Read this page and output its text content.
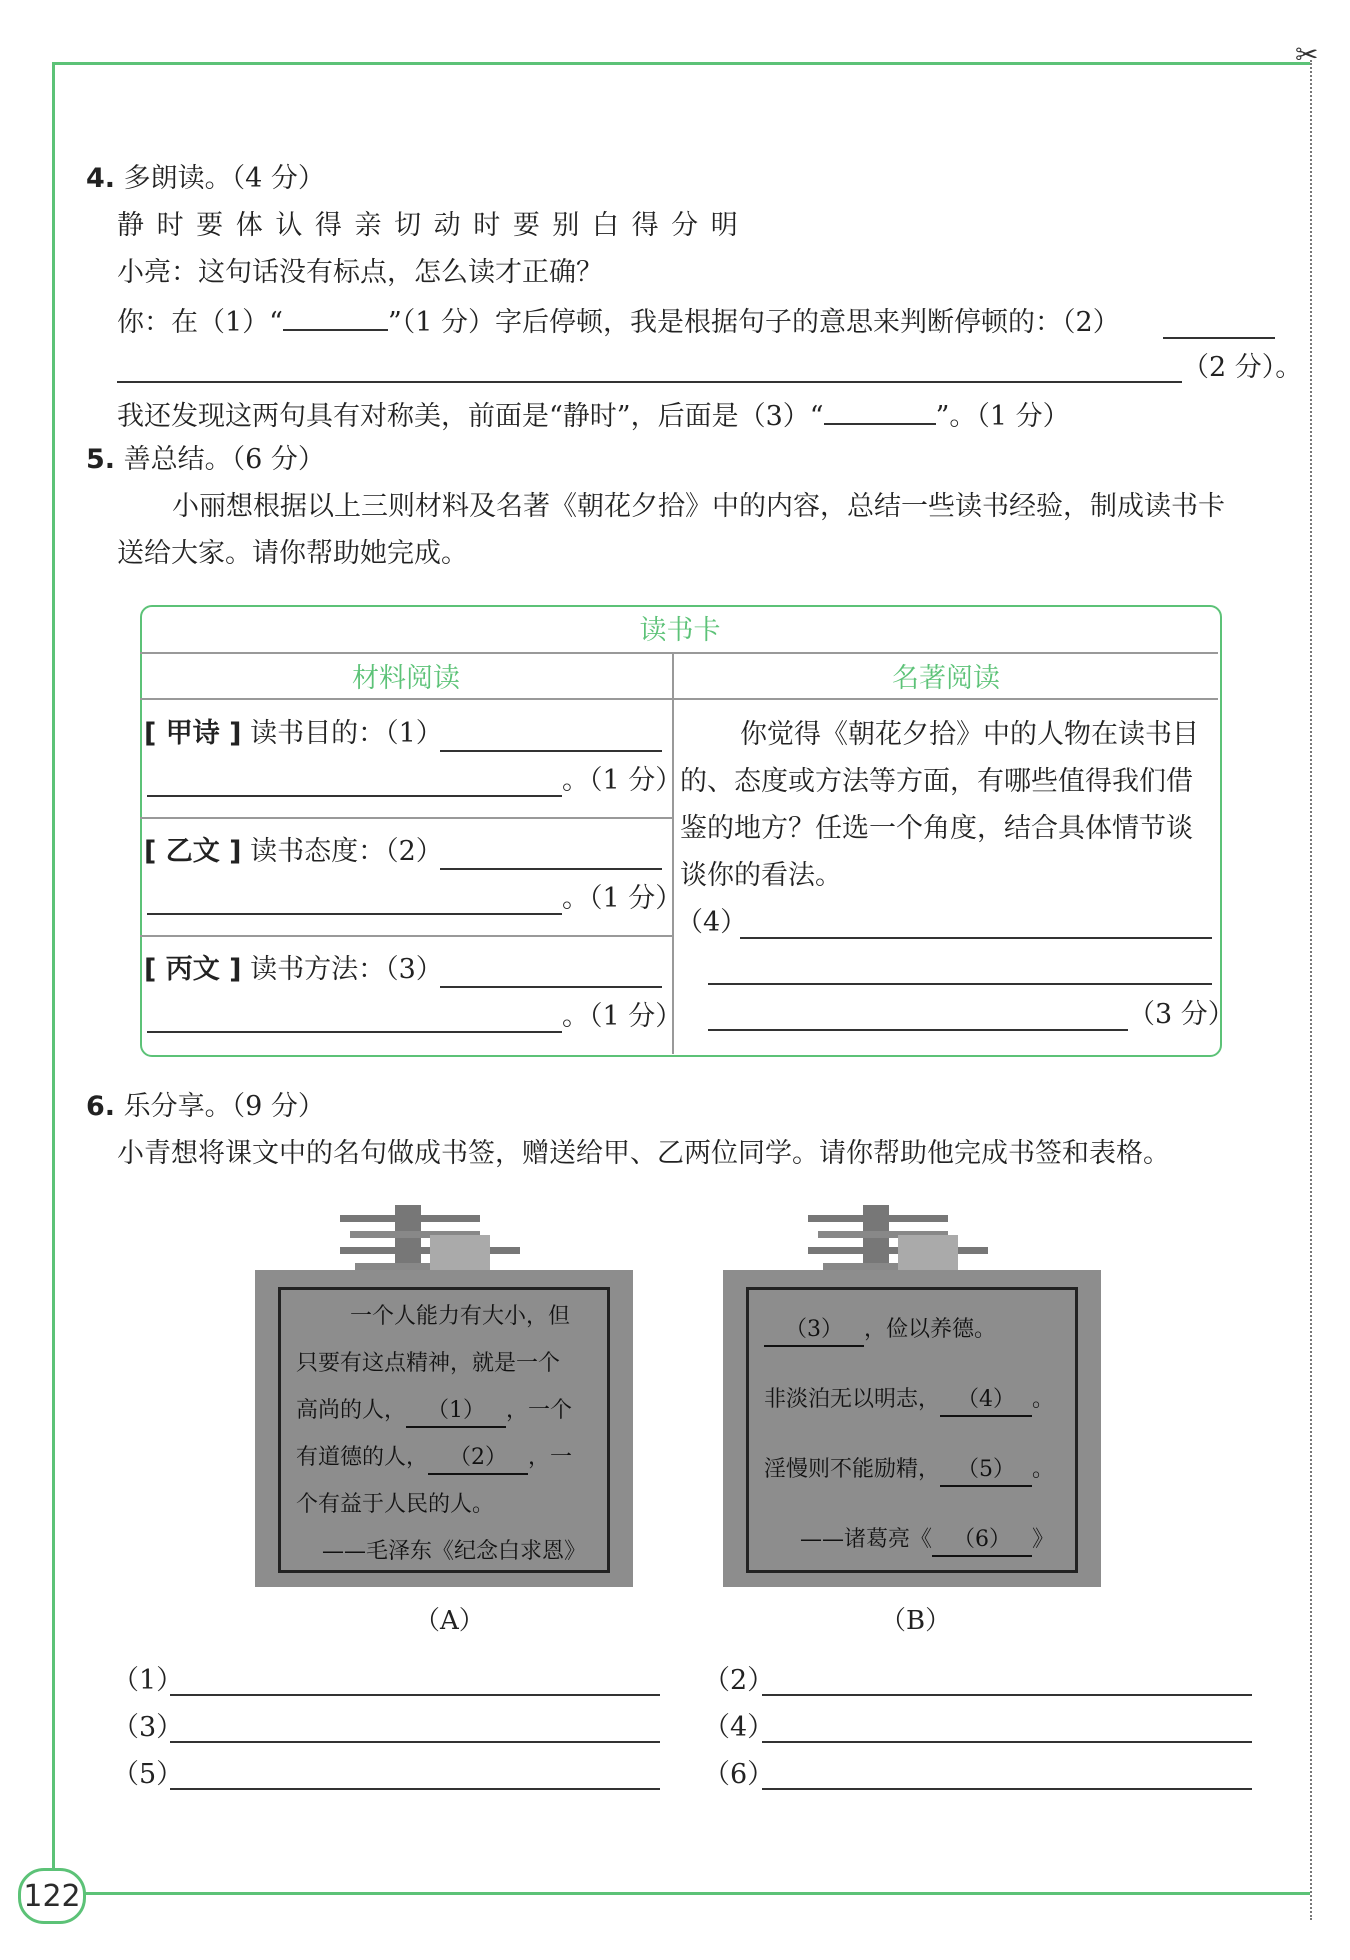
✂
122
4. 多朗读。（4 分）
静 时 要 体 认 得 亲 切 动 时 要 别 白 得 分 明
小亮：这句话没有标点，怎么读才正确？
你：在（1）“	”（1 分）字后停顿，我是根据句子的意思来判断停顿的：（2）
（2 分）。
我还发现这两句具有对称美，前面是“静时”，后面是（3）“	”。（1 分）
5. 善总结。（6 分）
小丽想根据以上三则材料及名著《朝花夕拾》中的内容，总结一些读书经验，制成读书卡
送给大家。请你帮助她完成。
读书卡
材料阅读	名著阅读
[ 甲诗 ] 读书目的：（1）
。（1 分）
[ 乙文 ] 读书态度：（2）
。（1 分）
[ 丙文 ] 读书方法：（3）
。（1 分）
你觉得《朝花夕拾》中的人物在读书目
的、态度或方法等方面，有哪些值得我们借
鉴的地方？任选一个角度，结合具体情节谈
谈你的看法。
（4）
（3 分）
6. 乐分享。（9 分）
小青想将课文中的名句做成书签，赠送给甲、乙两位同学。请你帮助他完成书签和表格。
一个人能力有大小，但
只要有这点精神，就是一个
高尚的人， （1） ，一个
有道德的人， （2） ，一
个有益于人民的人。
——毛泽东《纪念白求恩》
（A）
（3） ，俭以养德。
非淡泊无以明志， （4） 。
淫慢则不能励精， （5） 。
——诸葛亮《 （6） 》
（B）
（1）	（2）
（3）	（4）
（5）	（6）
